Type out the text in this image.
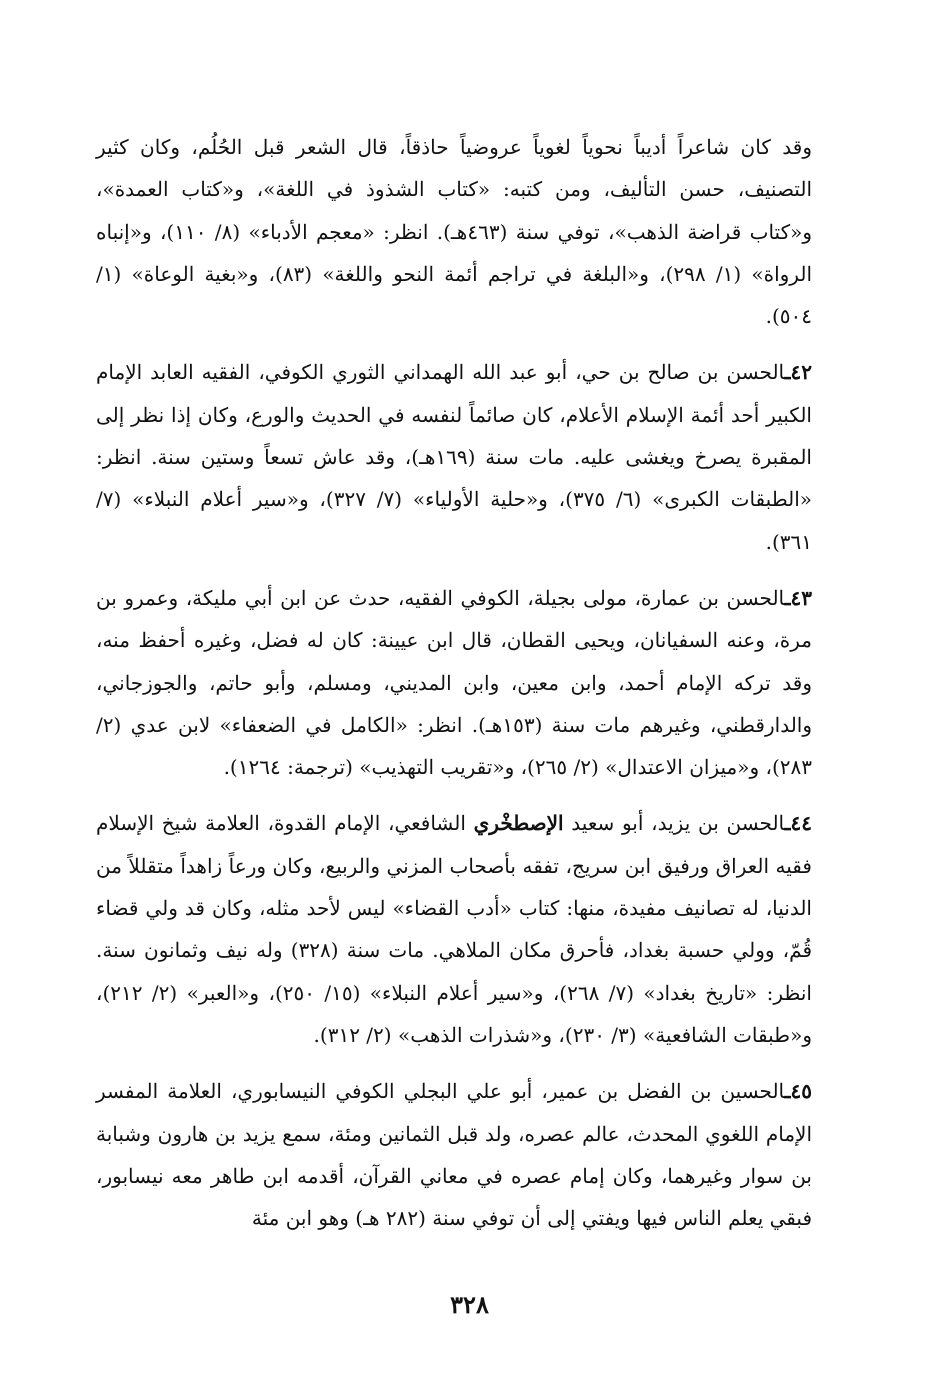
وقد كان شاعراً أديباً نحوياً لغوياً عروضياً حاذقاً، قال الشعر قبل الحُلُم، وكان كثير التصنيف، حسن التأليف، ومن كتبه: «كتاب الشذوذ في اللغة»، و«كتاب العمدة»، و«كتاب قراضة الذهب»، توفي سنة (٤٦٣هـ). انظر: «معجم الأدباء» (٨/ ١١٠)، و«إنباه الرواة» (١/ ٢٩٨)، و«البلغة في تراجم أئمة النحو واللغة» (٨٣)، و«بغية الوعاة» (١/ ٥٠٤).

٤٢ـالحسن بن صالح بن حي، أبو عبد الله الهمداني الثوري الكوفي، الفقيه العابد الإمام الكبير أحد أئمة الإسلام الأعلام، كان صائماً لنفسه في الحديث والورع، وكان إذا نظر إلى المقبرة يصرخ ويغشى عليه. مات سنة (١٦٩هـ)، وقد عاش تسعاً وستين سنة. انظر: «الطبقات الكبرى» (٦/ ٣٧٥)، و«حلية الأولياء» (٧/ ٣٢٧)، و«سير أعلام النبلاء» (٧/ ٣٦١).

٤٣ـالحسن بن عمارة، مولى بجيلة، الكوفي الفقيه، حدث عن ابن أبي مليكة، وعمرو بن مرة، وعنه السفيانان، ويحيى القطان، قال ابن عيينة: كان له فضل، وغيره أحفظ منه، وقد تركه الإمام أحمد، وابن معين، وابن المديني، ومسلم، وأبو حاتم، والجوزجاني، والدارقطني، وغيرهم مات سنة (١٥٣هـ). انظر: «الكامل في الضعفاء» لابن عدي (٢/ ٢٨٣)، و«ميزان الاعتدال» (٢/ ٢٦٥)، و«تقريب التهذيب» (ترجمة: ١٢٦٤).

٤٤ـالحسن بن يزيد، أبو سعيد الإصطخْري الشافعي، الإمام القدوة، العلامة شيخ الإسلام فقيه العراق ورفيق ابن سريج، تفقه بأصحاب المزني والربيع، وكان ورعاً زاهداً متقللاً من الدنيا، له تصانيف مفيدة، منها: كتاب «أدب القضاء» ليس لأحد مثله، وكان قد ولي قضاء قُمّ، وولي حسبة بغداد، فأحرق مكان الملاهي. مات سنة (٣٢٨) وله نيف وثمانون سنة. انظر: «تاريخ بغداد» (٧/ ٢٦٨)، و«سير أعلام النبلاء» (١٥/ ٢٥٠)، و«العبر» (٢/ ٢١٢)، و«طبقات الشافعية» (٣/ ٢٣٠)، و«شذرات الذهب» (٢/ ٣١٢).

٤٥ـالحسين بن الفضل بن عمير، أبو علي البجلي الكوفي النيسابوري، العلامة المفسر الإمام اللغوي المحدث، عالم عصره، ولد قبل الثمانين ومئة، سمع يزيد بن هارون وشبابة بن سوار وغيرهما، وكان إمام عصره في معاني القرآن، أقدمه ابن طاهر معه نيسابور، فبقي يعلم الناس فيها ويفتي إلى أن توفي سنة (٢٨٢ هـ) وهو ابن مئة

٣٢٨
